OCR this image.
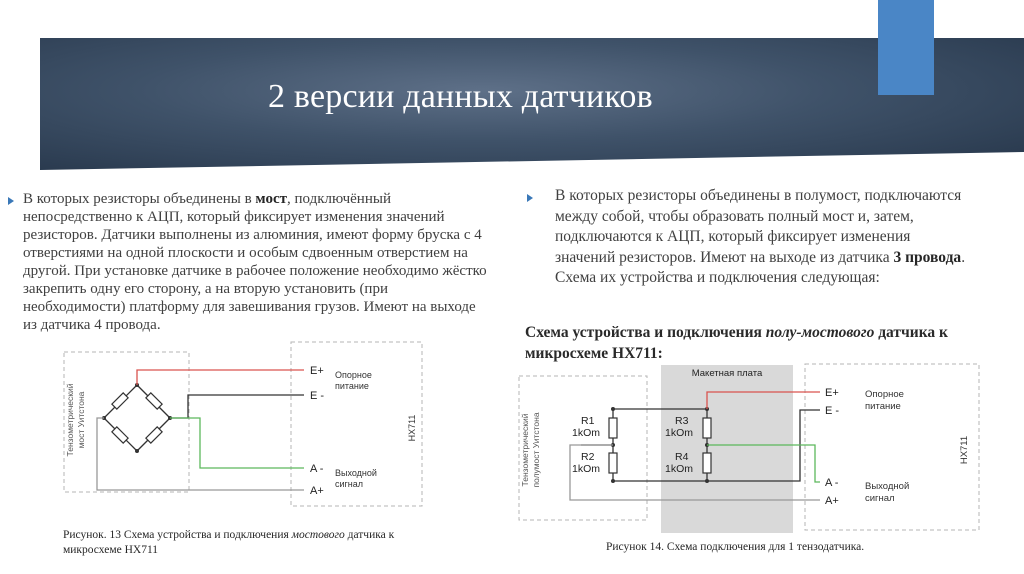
2 версии данных датчиков
В которых резисторы объединены в мост, подключённый непосредственно к АЦП, который фиксирует изменения значений резисторов. Датчики выполнены из алюминия, имеют форму бруска с 4 отверстиями на одной плоскости и особым сдвоенным отверстием на другой. При установке датчике в рабочее положение необходимо жёстко закрепить одну его сторону, а на вторую установить (при необходимости) платформу для завешивания грузов. Имеют на выходе из датчика 4 провода.
В которых резисторы объединены в полумост, подключаются между собой, чтобы образовать полный мост и, затем, подключаются к АЦП, который фиксирует изменения значений резисторов. Имеют на выходе из датчика 3 провода. Схема их устройства и подключения следующая:
Схема устройства и подключения полу-мостового датчика к микросхеме HX711:
Тензометрический мост Уитстона
E+
E -
A -
A+
Опорное
питание
Выходной
сигнал
HX711
Рисунок. 13 Схема устройства и подключения мостового датчика к
микросхеме HX711
Макетная плата
Тензометрический полумост Уитстона	R1
1kOm
R2
1kOm
R3
1kOm
R4
1kOm
E+
E -
A -
A+
Опорное
питание
Выходной
сигнал
HX711
Рисунок 14. Схема подключения для 1 тензодатчика.
